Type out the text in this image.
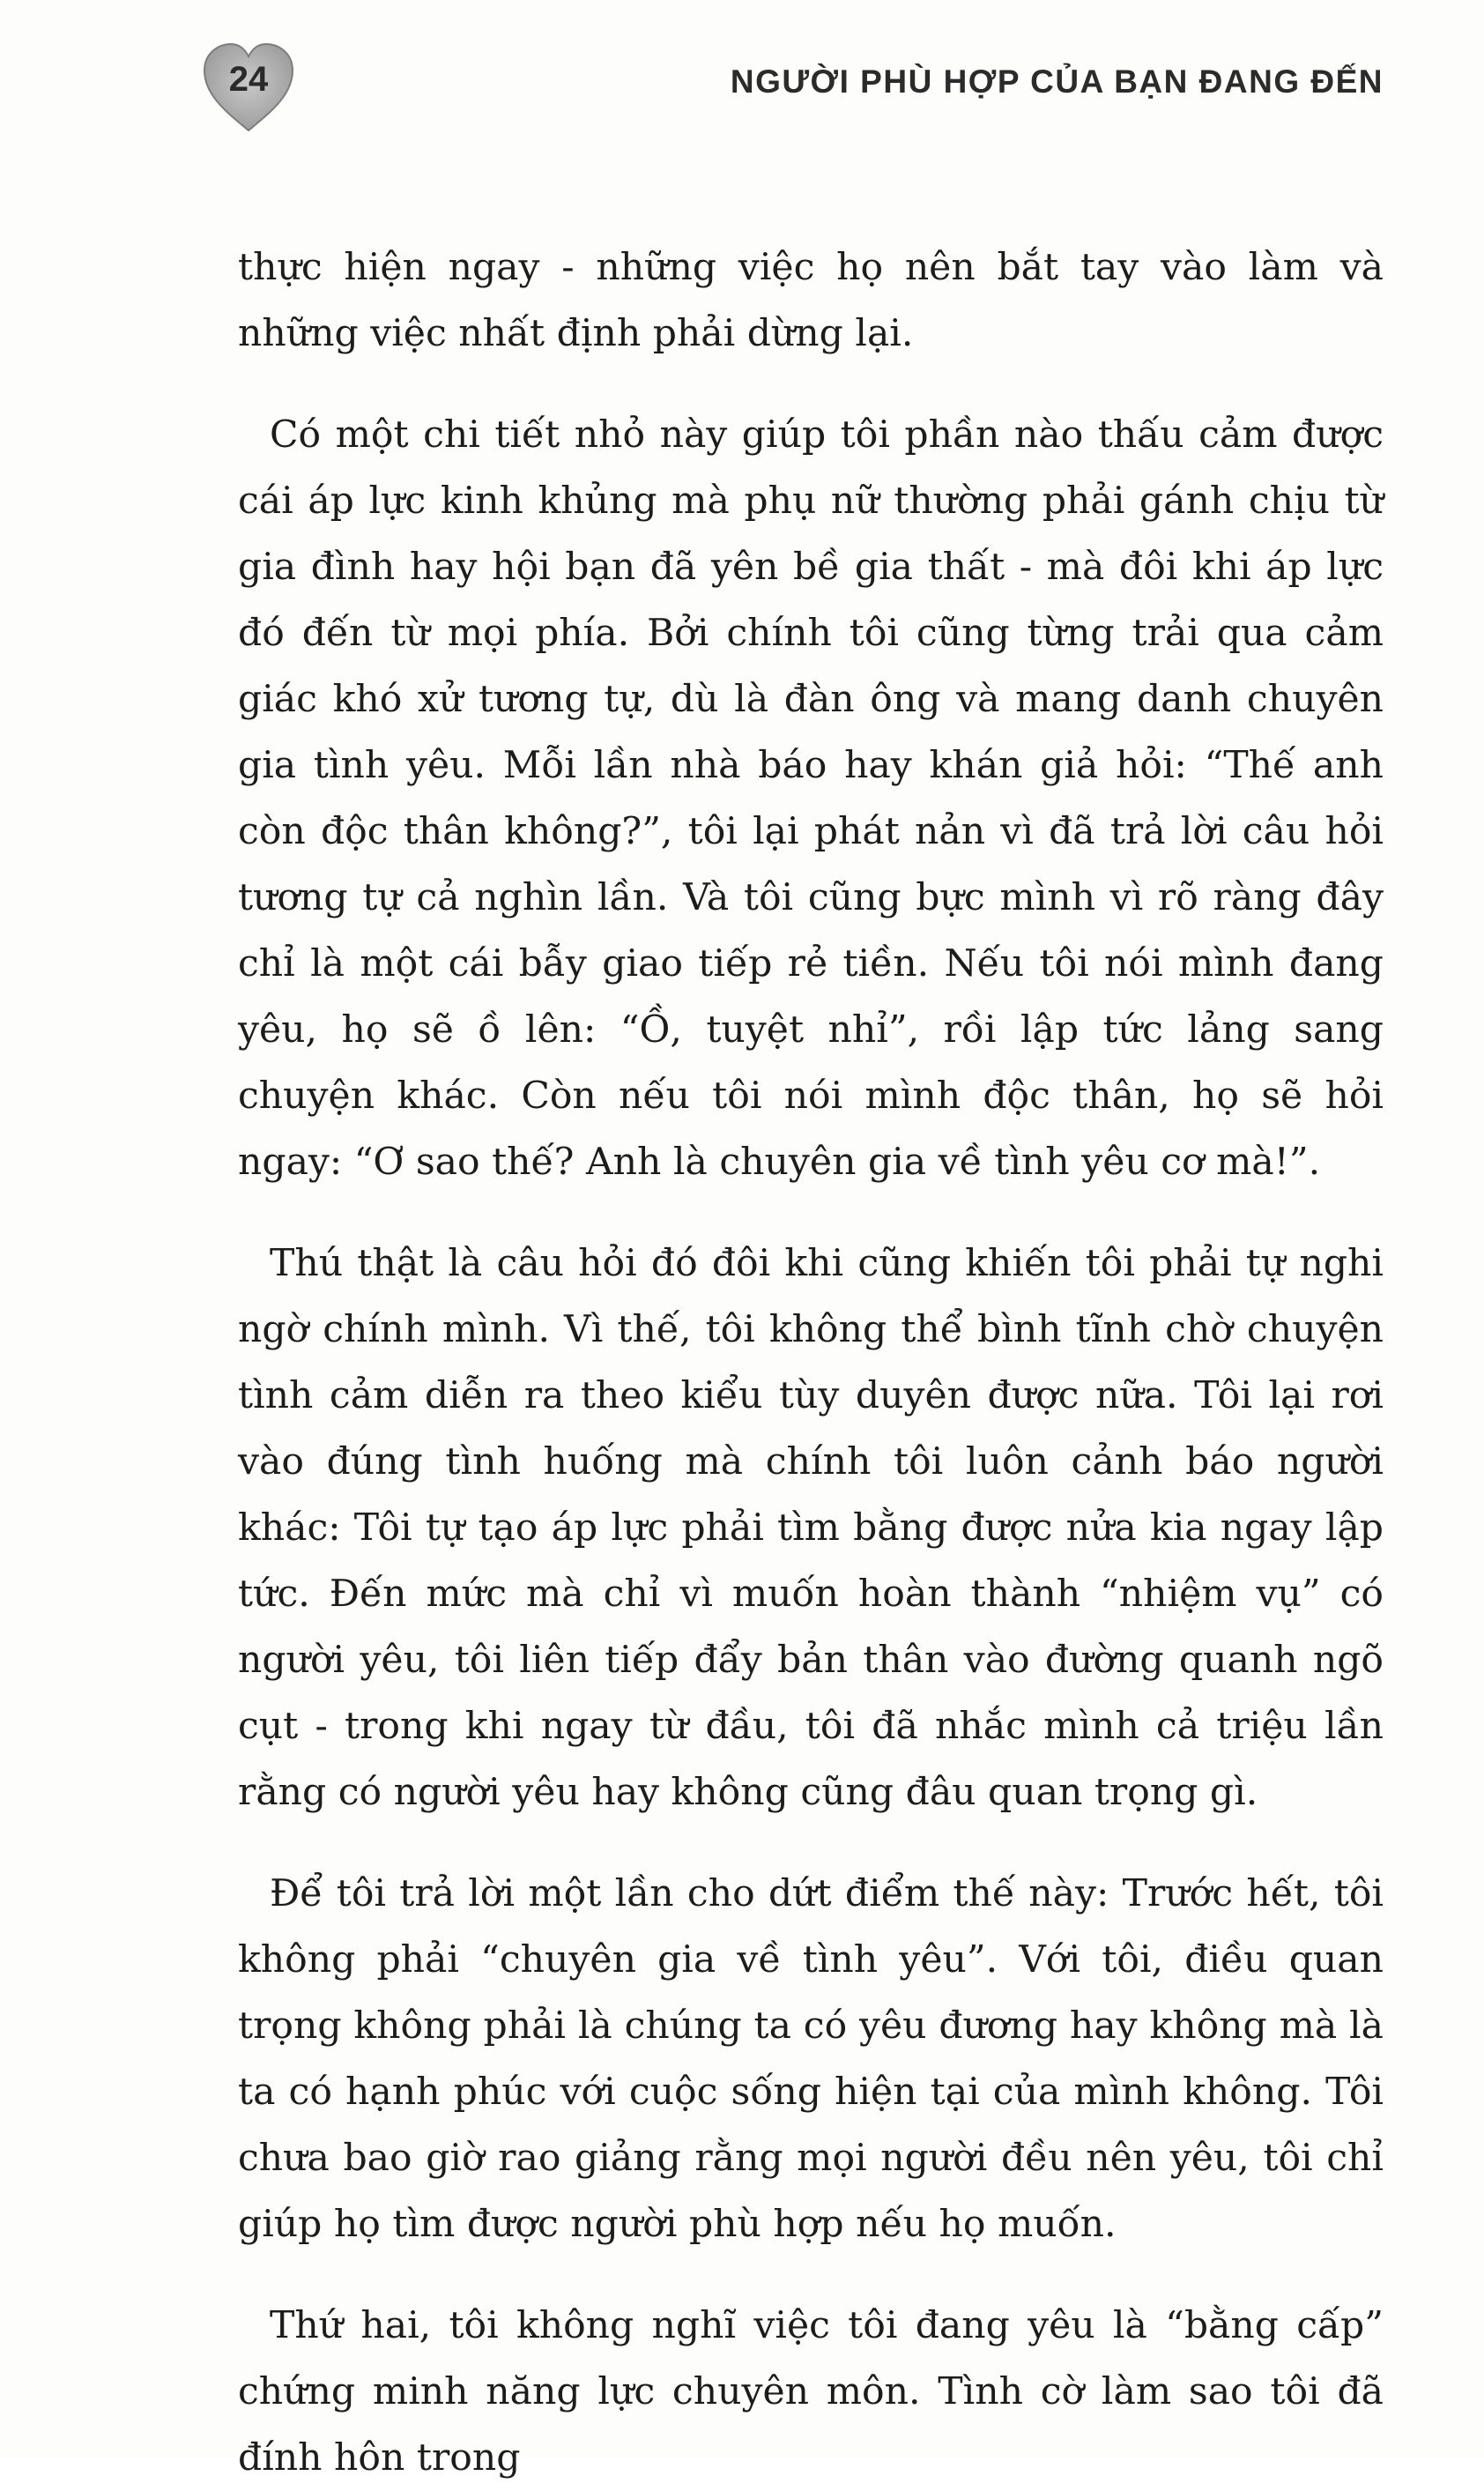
24	NGƯỜI PHÙ HỢP CỦA BẠN ĐANG ĐẾN

thực hiện ngay - những việc họ nên bắt tay vào làm và những việc nhất định phải dừng lại.

Có một chi tiết nhỏ này giúp tôi phần nào thấu cảm được cái áp lực kinh khủng mà phụ nữ thường phải gánh chịu từ gia đình hay hội bạn đã yên bề gia thất - mà đôi khi áp lực đó đến từ mọi phía. Bởi chính tôi cũng từng trải qua cảm giác khó xử tương tự, dù là đàn ông và mang danh chuyên gia tình yêu. Mỗi lần nhà báo hay khán giả hỏi: “Thế anh còn độc thân không?”, tôi lại phát nản vì đã trả lời câu hỏi tương tự cả nghìn lần. Và tôi cũng bực mình vì rõ ràng đây chỉ là một cái bẫy giao tiếp rẻ tiền. Nếu tôi nói mình đang yêu, họ sẽ ồ lên: “Ồ, tuyệt nhỉ”, rồi lập tức lảng sang chuyện khác. Còn nếu tôi nói mình độc thân, họ sẽ hỏi ngay: “Ơ sao thế? Anh là chuyên gia về tình yêu cơ mà!”.

Thú thật là câu hỏi đó đôi khi cũng khiến tôi phải tự nghi ngờ chính mình. Vì thế, tôi không thể bình tĩnh chờ chuyện tình cảm diễn ra theo kiểu tùy duyên được nữa. Tôi lại rơi vào đúng tình huống mà chính tôi luôn cảnh báo người khác: Tôi tự tạo áp lực phải tìm bằng được nửa kia ngay lập tức. Đến mức mà chỉ vì muốn hoàn thành “nhiệm vụ” có người yêu, tôi liên tiếp đẩy bản thân vào đường quanh ngõ cụt - trong khi ngay từ đầu, tôi đã nhắc mình cả triệu lần rằng có người yêu hay không cũng đâu quan trọng gì.

Để tôi trả lời một lần cho dứt điểm thế này: Trước hết, tôi không phải “chuyên gia về tình yêu”. Với tôi, điều quan trọng không phải là chúng ta có yêu đương hay không mà là ta có hạnh phúc với cuộc sống hiện tại của mình không. Tôi chưa bao giờ rao giảng rằng mọi người đều nên yêu, tôi chỉ giúp họ tìm được người phù hợp nếu họ muốn.

Thứ hai, tôi không nghĩ việc tôi đang yêu là “bằng cấp” chứng minh năng lực chuyên môn. Tình cờ làm sao tôi đã đính hôn trong
